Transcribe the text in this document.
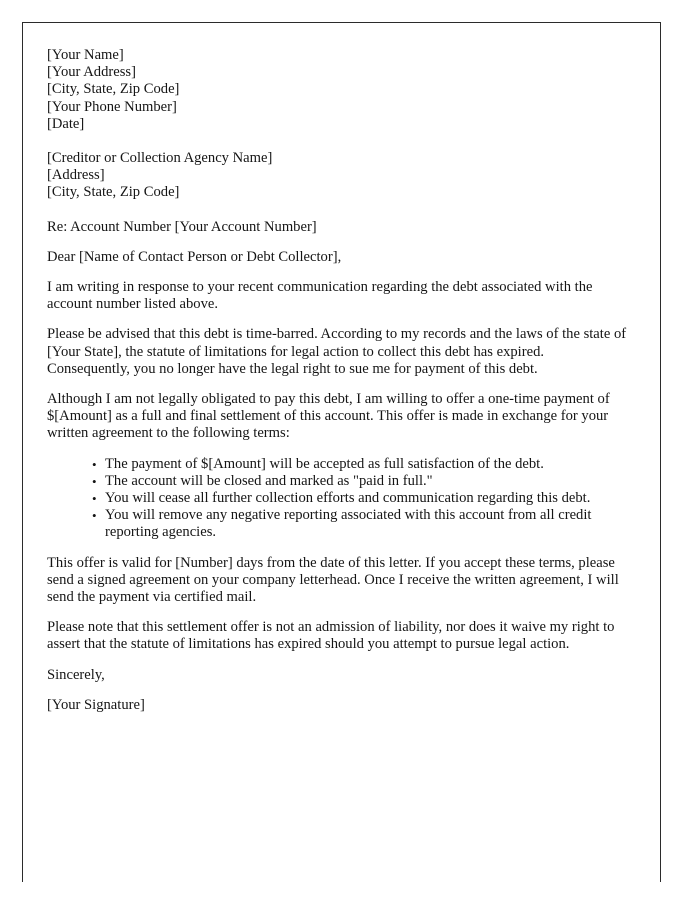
[Your Name]
[Your Address]
[City, State, Zip Code]
[Your Phone Number]
[Date]
[Creditor or Collection Agency Name]
[Address]
[City, State, Zip Code]
Re: Account Number [Your Account Number]
Dear [Name of Contact Person or Debt Collector],

I am writing in response to your recent communication regarding the debt associated with the account number listed above.

Please be advised that this debt is time-barred. According to my records and the laws of the state of [Your State], the statute of limitations for legal action to collect this debt has expired. Consequently, you no longer have the legal right to sue me for payment of this debt.

Although I am not legally obligated to pay this debt, I am willing to offer a one-time payment of $[Amount] as a full and final settlement of this account. This offer is made in exchange for your written agreement to the following terms:

• The payment of $[Amount] will be accepted as full satisfaction of the debt.
• The account will be closed and marked as "paid in full."
• You will cease all further collection efforts and communication regarding this debt.
• You will remove any negative reporting associated with this account from all credit reporting agencies.

This offer is valid for [Number] days from the date of this letter. If you accept these terms, please send a signed agreement on your company letterhead. Once I receive the written agreement, I will send the payment via certified mail.

Please note that this settlement offer is not an admission of liability, nor does it waive my right to assert that the statute of limitations has expired should you attempt to pursue legal action.

Sincerely,
[Your Signature]
